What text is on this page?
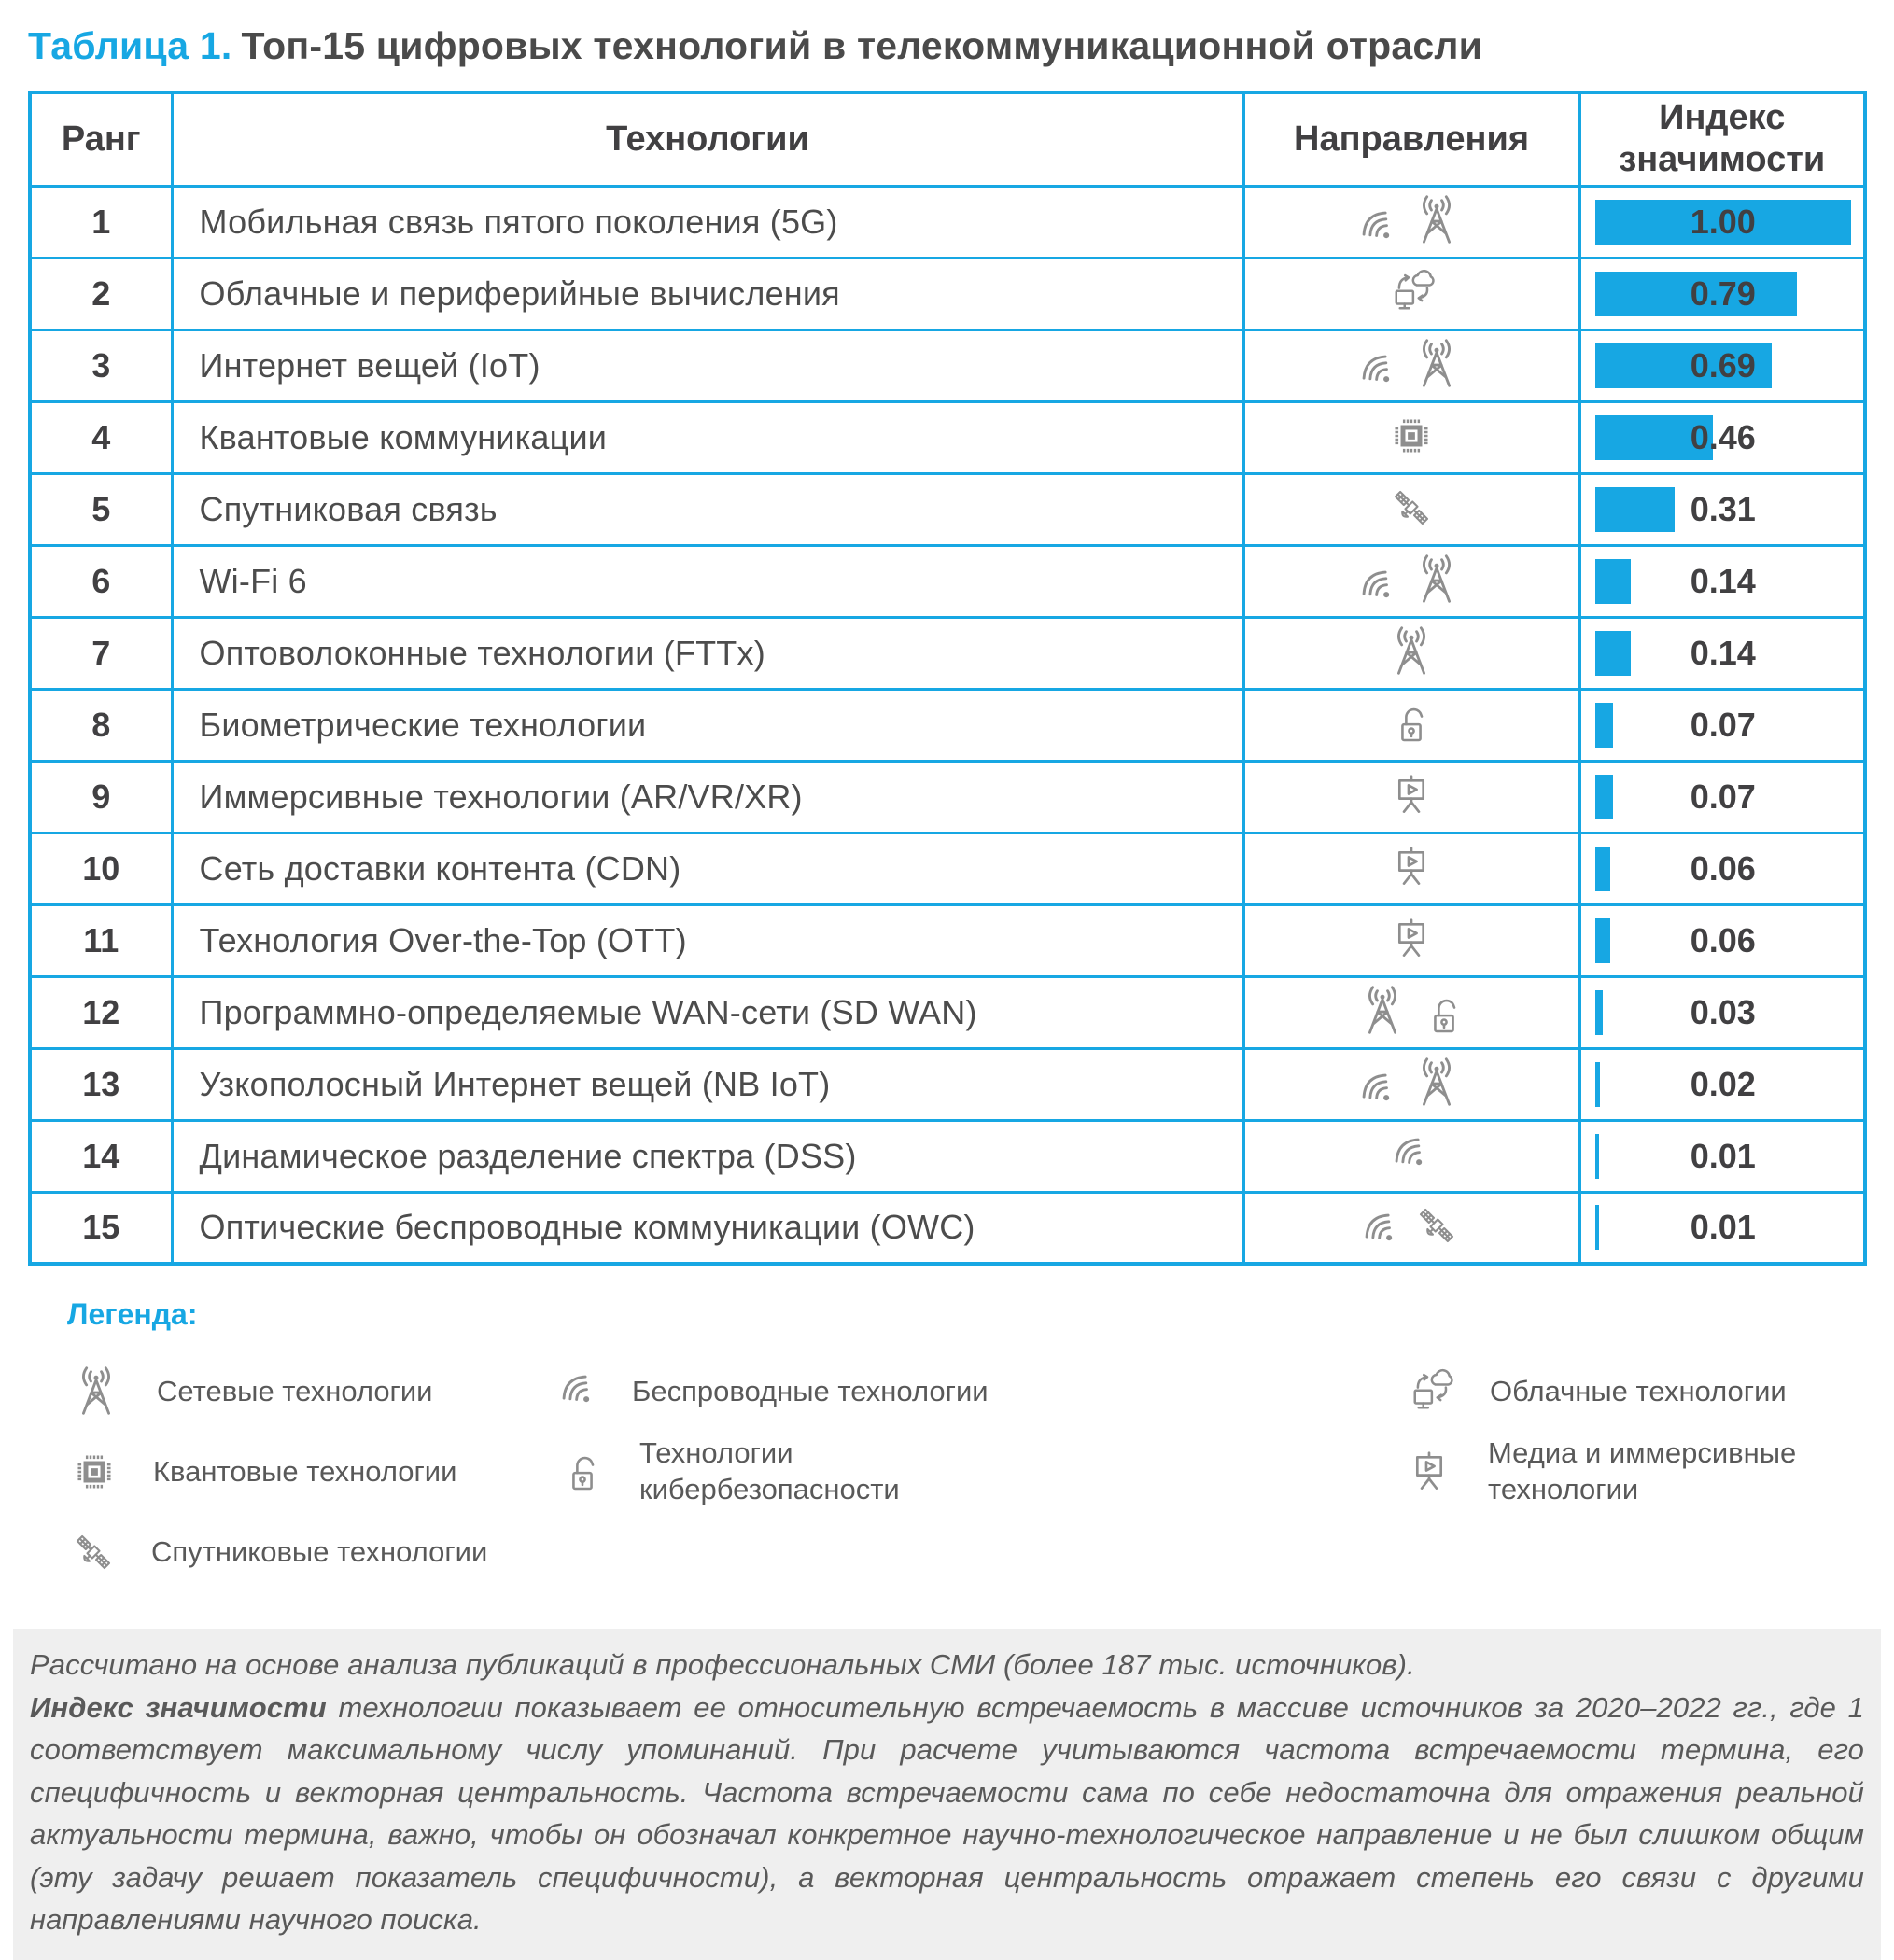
Таблица 1. Топ-15 цифровых технологий в телекоммуникационной отрасли
Ранг	Технологии	Направления	Индекс значимости
1	Мобильная связь пятого поколения (5G)		1.00

2	Облачные и периферийные вычисления		0.79

3	Интернет вещей (IoT)		0.69

4	Квантовые коммуникации		0.46

5	Спутниковая связь		0.31

6	Wi-Fi 6		0.14

7	Оптоволоконные технологии (FTTx)		0.14

8	Биометрические технологии		0.07

9	Иммерсивные технологии (AR/VR/XR)		0.07

10	Сеть доставки контента (CDN)		0.06

11	Технология Over-the-Top (OTT)		0.06

12	Программно-определяемые WAN-сети (SD WAN)		0.03

13	Узкополосный Интернет вещей (NB IoT)		0.02

14	Динамическое разделение спектра (DSS)		0.01

15	Оптические беспроводные коммуникации (OWC)		0.01
Легенда:
Сетевые технологии
Квантовые технологии
Спутниковые технологии
Беспроводные технологии
Технологии кибербезопасности
Облачные технологии
Медиа и иммерсивные технологии

Рассчитано на основе анализа публикаций в профессиональных СМИ (более 187 тыс. источников).

Индекс значимости технологии показывает ее относительную встречаемость в массиве источников за 2020–2022 гг., где 1 соответствует максимальному числу упоминаний. При расчете учитываются частота встречаемости термина, его специфичность и векторная центральность. Частота встречаемости сама по себе недостаточна для отражения реальной актуальности термина, важно, чтобы он обозначал конкретное научно-технологическое направление и не был слишком общим (эту задачу решает показатель специфичности), а векторная центральность отражает степень его связи с другими направлениями научного поиска.
